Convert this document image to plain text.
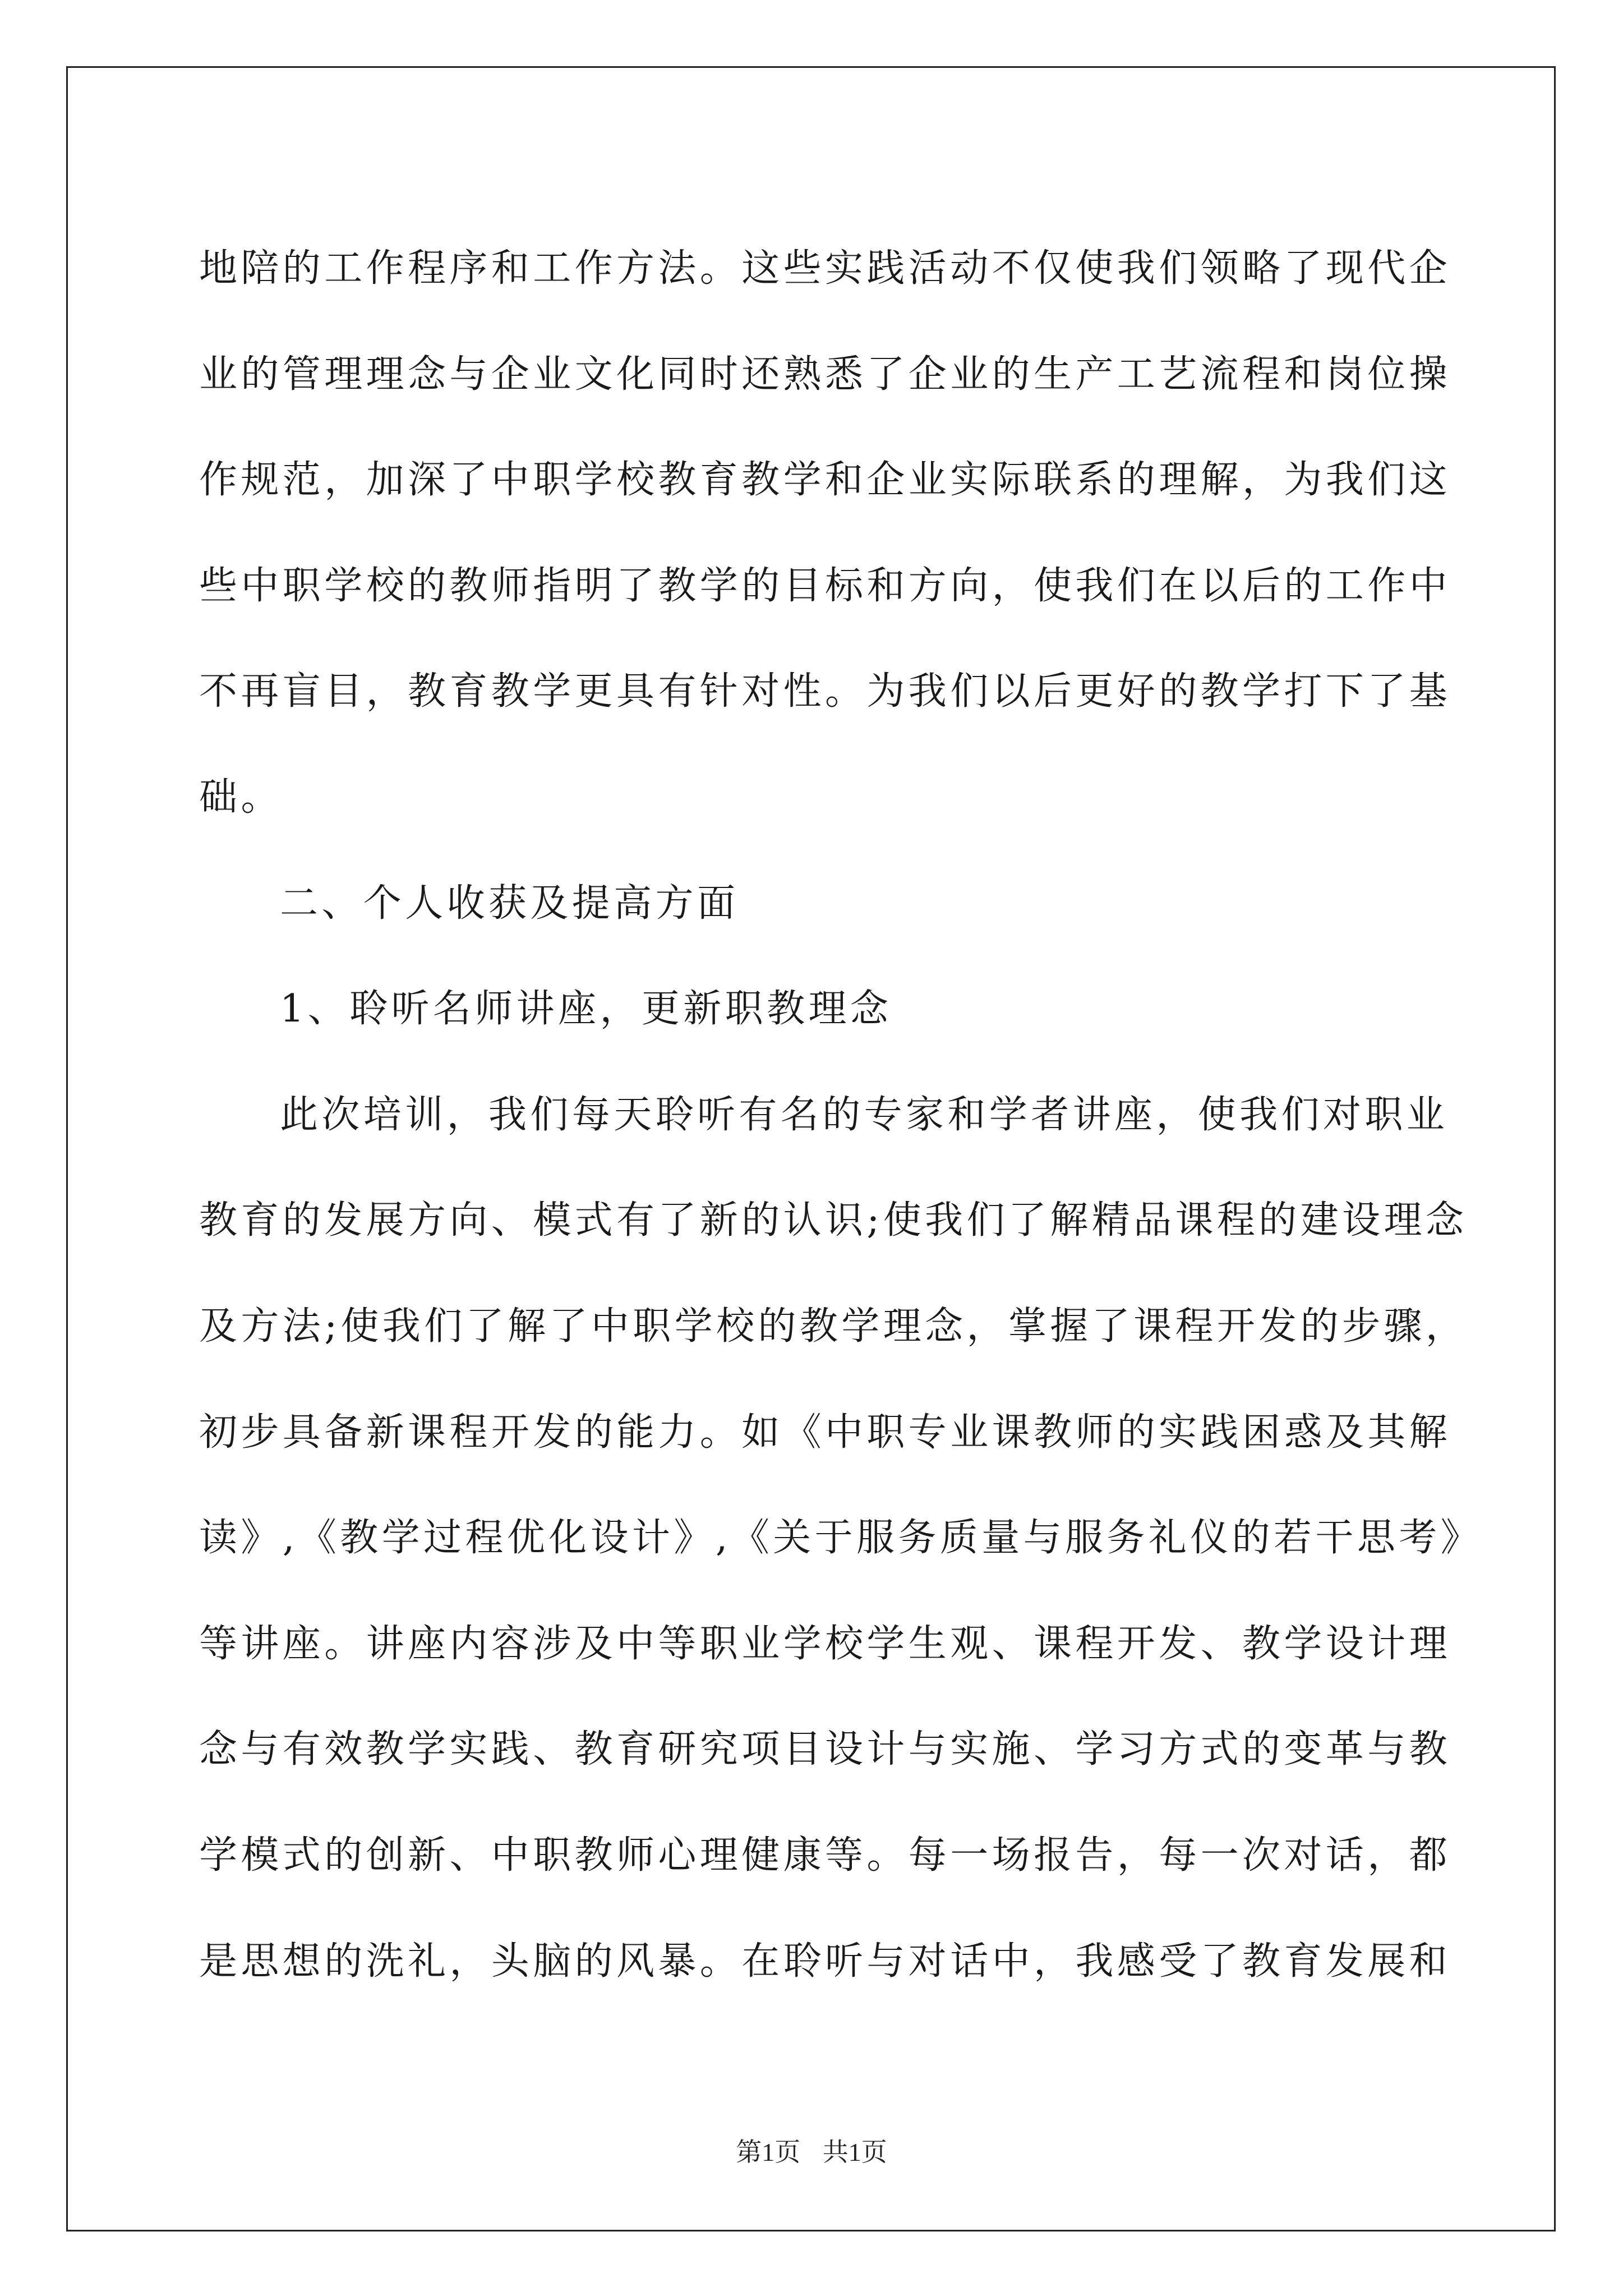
地陪的工作程序和工作方法。这些实践活动不仅使我们领略了现代企
业的管理理念与企业文化同时还熟悉了企业的生产工艺流程和岗位操
作规范，加深了中职学校教育教学和企业实际联系的理解，为我们这
些中职学校的教师指明了教学的目标和方向，使我们在以后的工作中
不再盲目，教育教学更具有针对性。为我们以后更好的教学打下了基
础。
二、个人收获及提高方面
1、聆听名师讲座，更新职教理念
此次培训，我们每天聆听有名的专家和学者讲座，使我们对职业
教育的发展方向、模式有了新的认识;使我们了解精品课程的建设理念
及方法;使我们了解了中职学校的教学理念，掌握了课程开发的步骤，
初步具备新课程开发的能力。如《中职专业课教师的实践困惑及其解
读》,《教学过程优化设计》,《关于服务质量与服务礼仪的若干思考》
等讲座。讲座内容涉及中等职业学校学生观、课程开发、教学设计理
念与有效教学实践、教育研究项目设计与实施、学习方式的变革与教
学模式的创新、中职教师心理健康等。每一场报告，每一次对话，都
是思想的洗礼，头脑的风暴。在聆听与对话中，我感受了教育发展和
第1页 共1页
